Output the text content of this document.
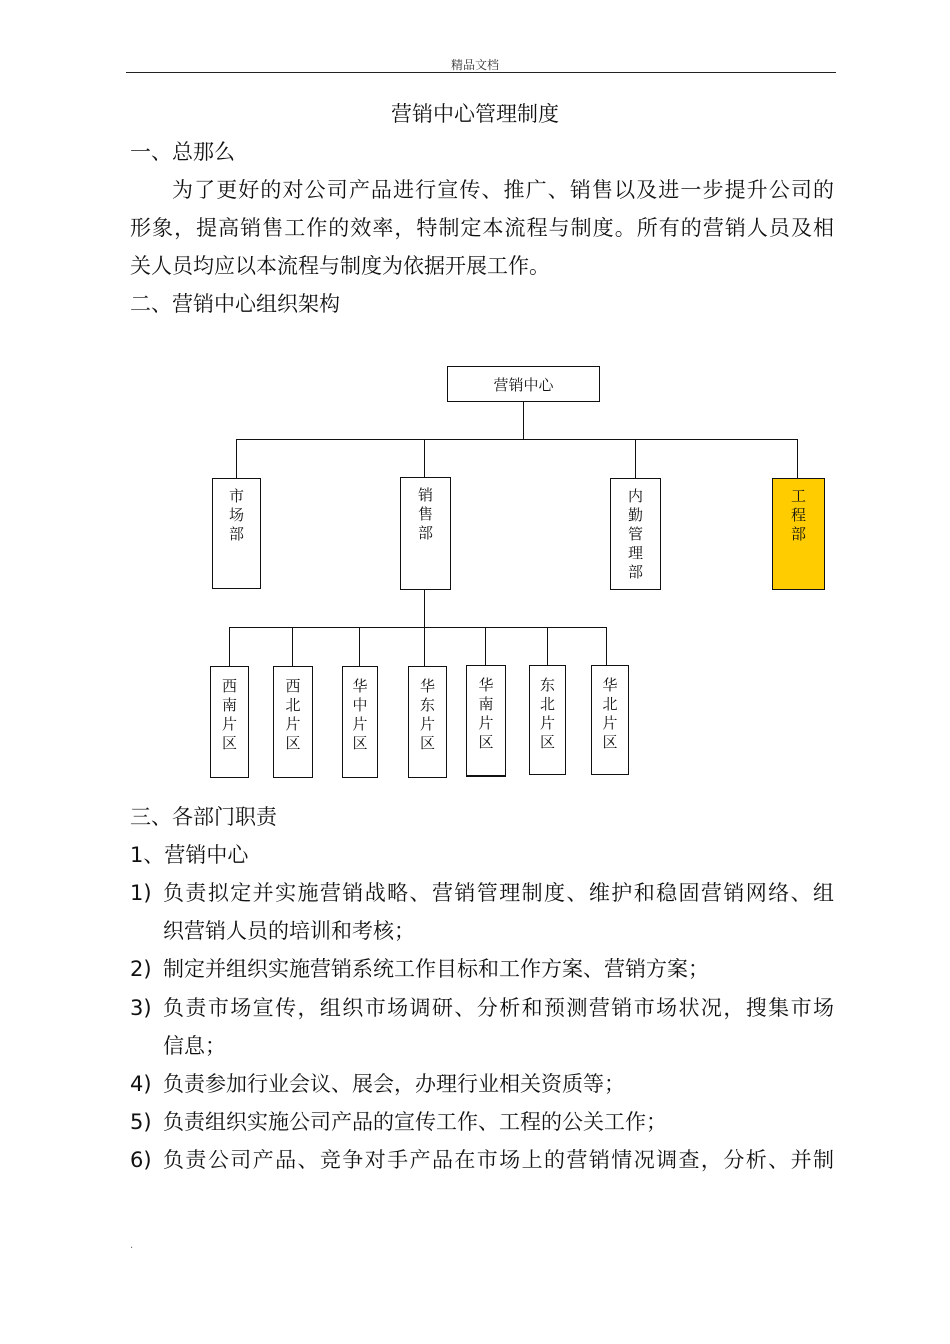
精品文档
营销中心管理制度
一、总那么
为了更好的对公司产品进行宣传、推广、销售以及进一步提升公司的
形象，提高销售工作的效率，特制定本流程与制度。所有的营销人员及相
关人员均应以本流程与制度为依据开展工作。
二、营销中心组织架构
营销中心
市场部
销售部
内勤管理部
工程部
西南片区
西北片区
华中片区
华东片区
华南片区
东北片区
华北片区
三、各部门职责
1、营销中心
1) 负责拟定并实施营销战略、营销管理制度、维护和稳固营销网络、组
织营销人员的培训和考核；
2) 制定并组织实施营销系统工作目标和工作方案、营销方案；
3) 负责市场宣传，组织市场调研、分析和预测营销市场状况，搜集市场
信息；
4) 负责参加行业会议、展会，办理行业相关资质等；
5) 负责组织实施公司产品的宣传工作、工程的公关工作；
6) 负责公司产品、竞争对手产品在市场上的营销情况调查，分析、并制
.
